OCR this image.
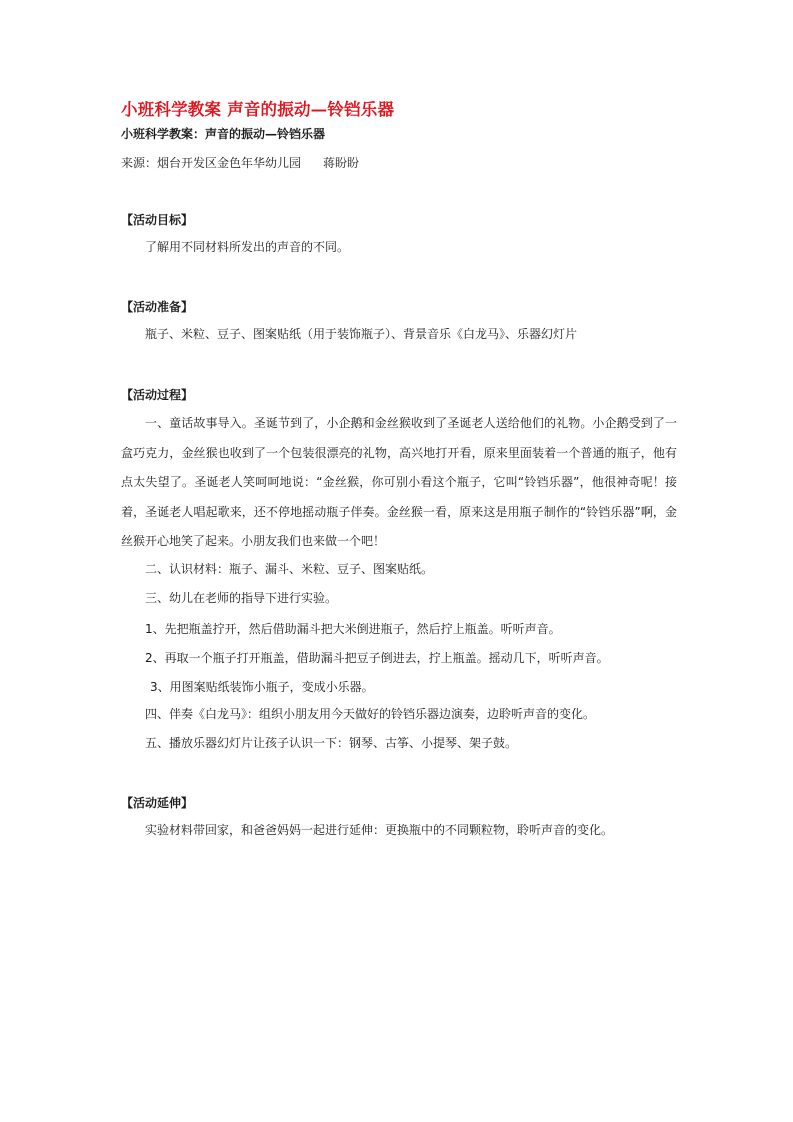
小班科学教案 声音的振动—铃铛乐器
小班科学教案：声音的振动—铃铛乐器
来源：烟台开发区金色年华幼儿园 蒋盼盼
【活动目标】
了解用不同材料所发出的声音的不同。
【活动准备】
瓶子、米粒、豆子、图案贴纸（用于装饰瓶子）、背景音乐《白龙马》、乐器幻灯片
【活动过程】
一、童话故事导入。圣诞节到了，小企鹅和金丝猴收到了圣诞老人送给他们的礼物。小企鹅受到了一盒巧克力，金丝猴也收到了一个包装很漂亮的礼物，高兴地打开看，原来里面装着一个普通的瓶子，他有点太失望了。圣诞老人笑呵呵地说：“金丝猴，你可别小看这个瓶子，它叫“铃铛乐器”，他很神奇呢！接着，圣诞老人唱起歌来，还不停地摇动瓶子伴奏。金丝猴一看，原来这是用瓶子制作的“铃铛乐器”啊，金丝猴开心地笑了起来。小朋友我们也来做一个吧！
二、认识材料：瓶子、漏斗、米粒、豆子、图案贴纸。
三、幼儿在老师的指导下进行实验。
1、先把瓶盖拧开，然后借助漏斗把大米倒进瓶子，然后拧上瓶盖。听听声音。
2、再取一个瓶子打开瓶盖，借助漏斗把豆子倒进去，拧上瓶盖。摇动几下，听听声音。
3、用图案贴纸装饰小瓶子，变成小乐器。
四、伴奏《白龙马》：组织小朋友用今天做好的铃铛乐器边演奏，边聆听声音的变化。
五、播放乐器幻灯片让孩子认识一下：钢琴、古筝、小提琴、架子鼓。
【活动延伸】
实验材料带回家，和爸爸妈妈一起进行延伸：更换瓶中的不同颗粒物，聆听声音的变化。
